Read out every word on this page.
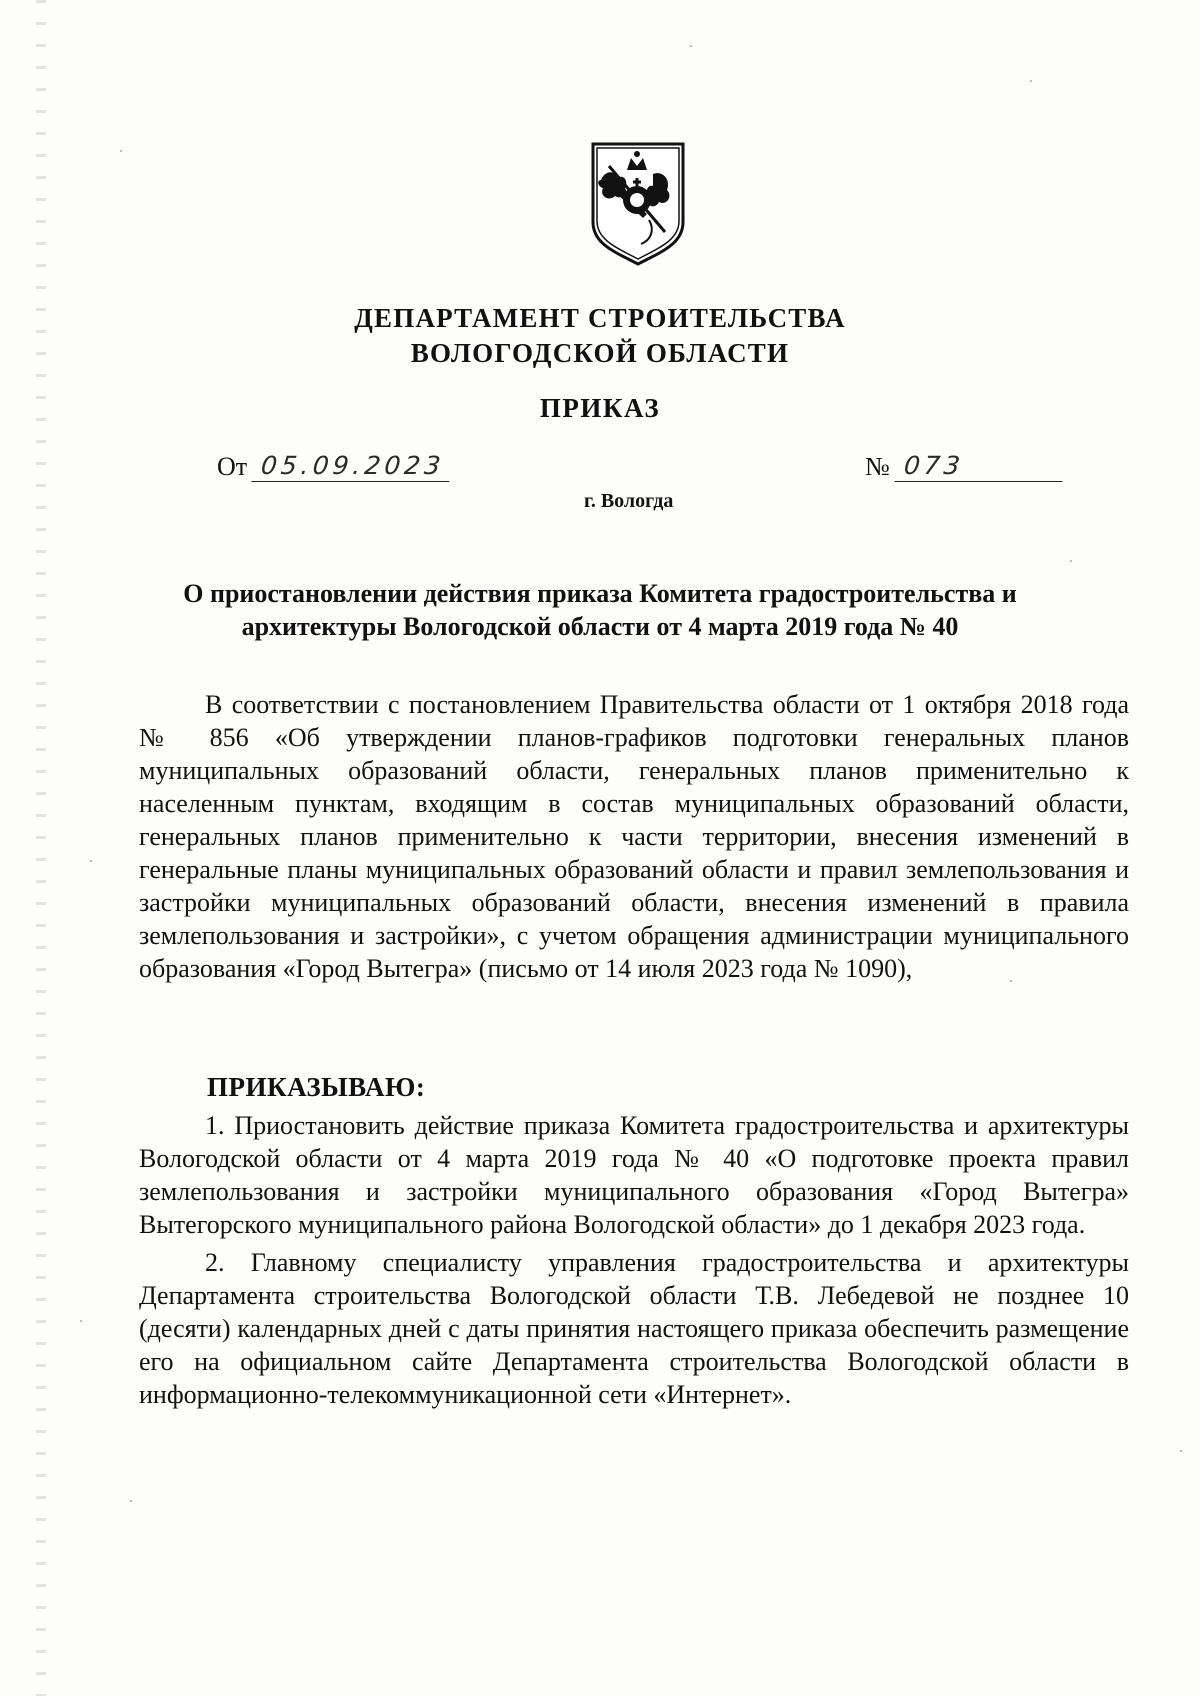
ДЕПАРТАМЕНТ СТРОИТЕЛЬСТВА
ВОЛОГОДСКОЙ ОБЛАСТИ
ПРИКАЗ
От 05.09.2023	№ 073
г. Вологда
О приостановлении действия приказа Комитета градостроительства и архитектуры Вологодской области от 4 марта 2019 года № 40

В соответствии с постановлением Правительства области от 1 октября 2018 года № 856 «Об утверждении планов-графиков подготовки генеральных планов муниципальных образований области, генеральных планов применительно к населенным пунктам, входящим в состав муниципальных образований области, генеральных планов применительно к части территории, внесения изменений в генеральные планы муниципальных образований области и правил землепользования и застройки муниципальных образований области, внесения изменений в правила землепользования и застройки», с учетом обращения администрации муниципального образования «Город Вытегра» (письмо от 14 июля 2023 года № 1090),

ПРИКАЗЫВАЮ:

1. Приостановить действие приказа Комитета градостроительства и архитектуры Вологодской области от 4 марта 2019 года № 40 «О подготовке проекта правил землепользования и застройки муниципального образования «Город Вытегра» Вытегорского муниципального района Вологодской области» до 1 декабря 2023 года.

2. Главному специалисту управления градостроительства и архитектуры Департамента строительства Вологодской области Т.В. Лебедевой не позднее 10 (десяти) календарных дней с даты принятия настоящего приказа обеспечить размещение его на официальном сайте Департамента строительства Вологодской области в информационно-телекоммуникационной сети «Интернет».
